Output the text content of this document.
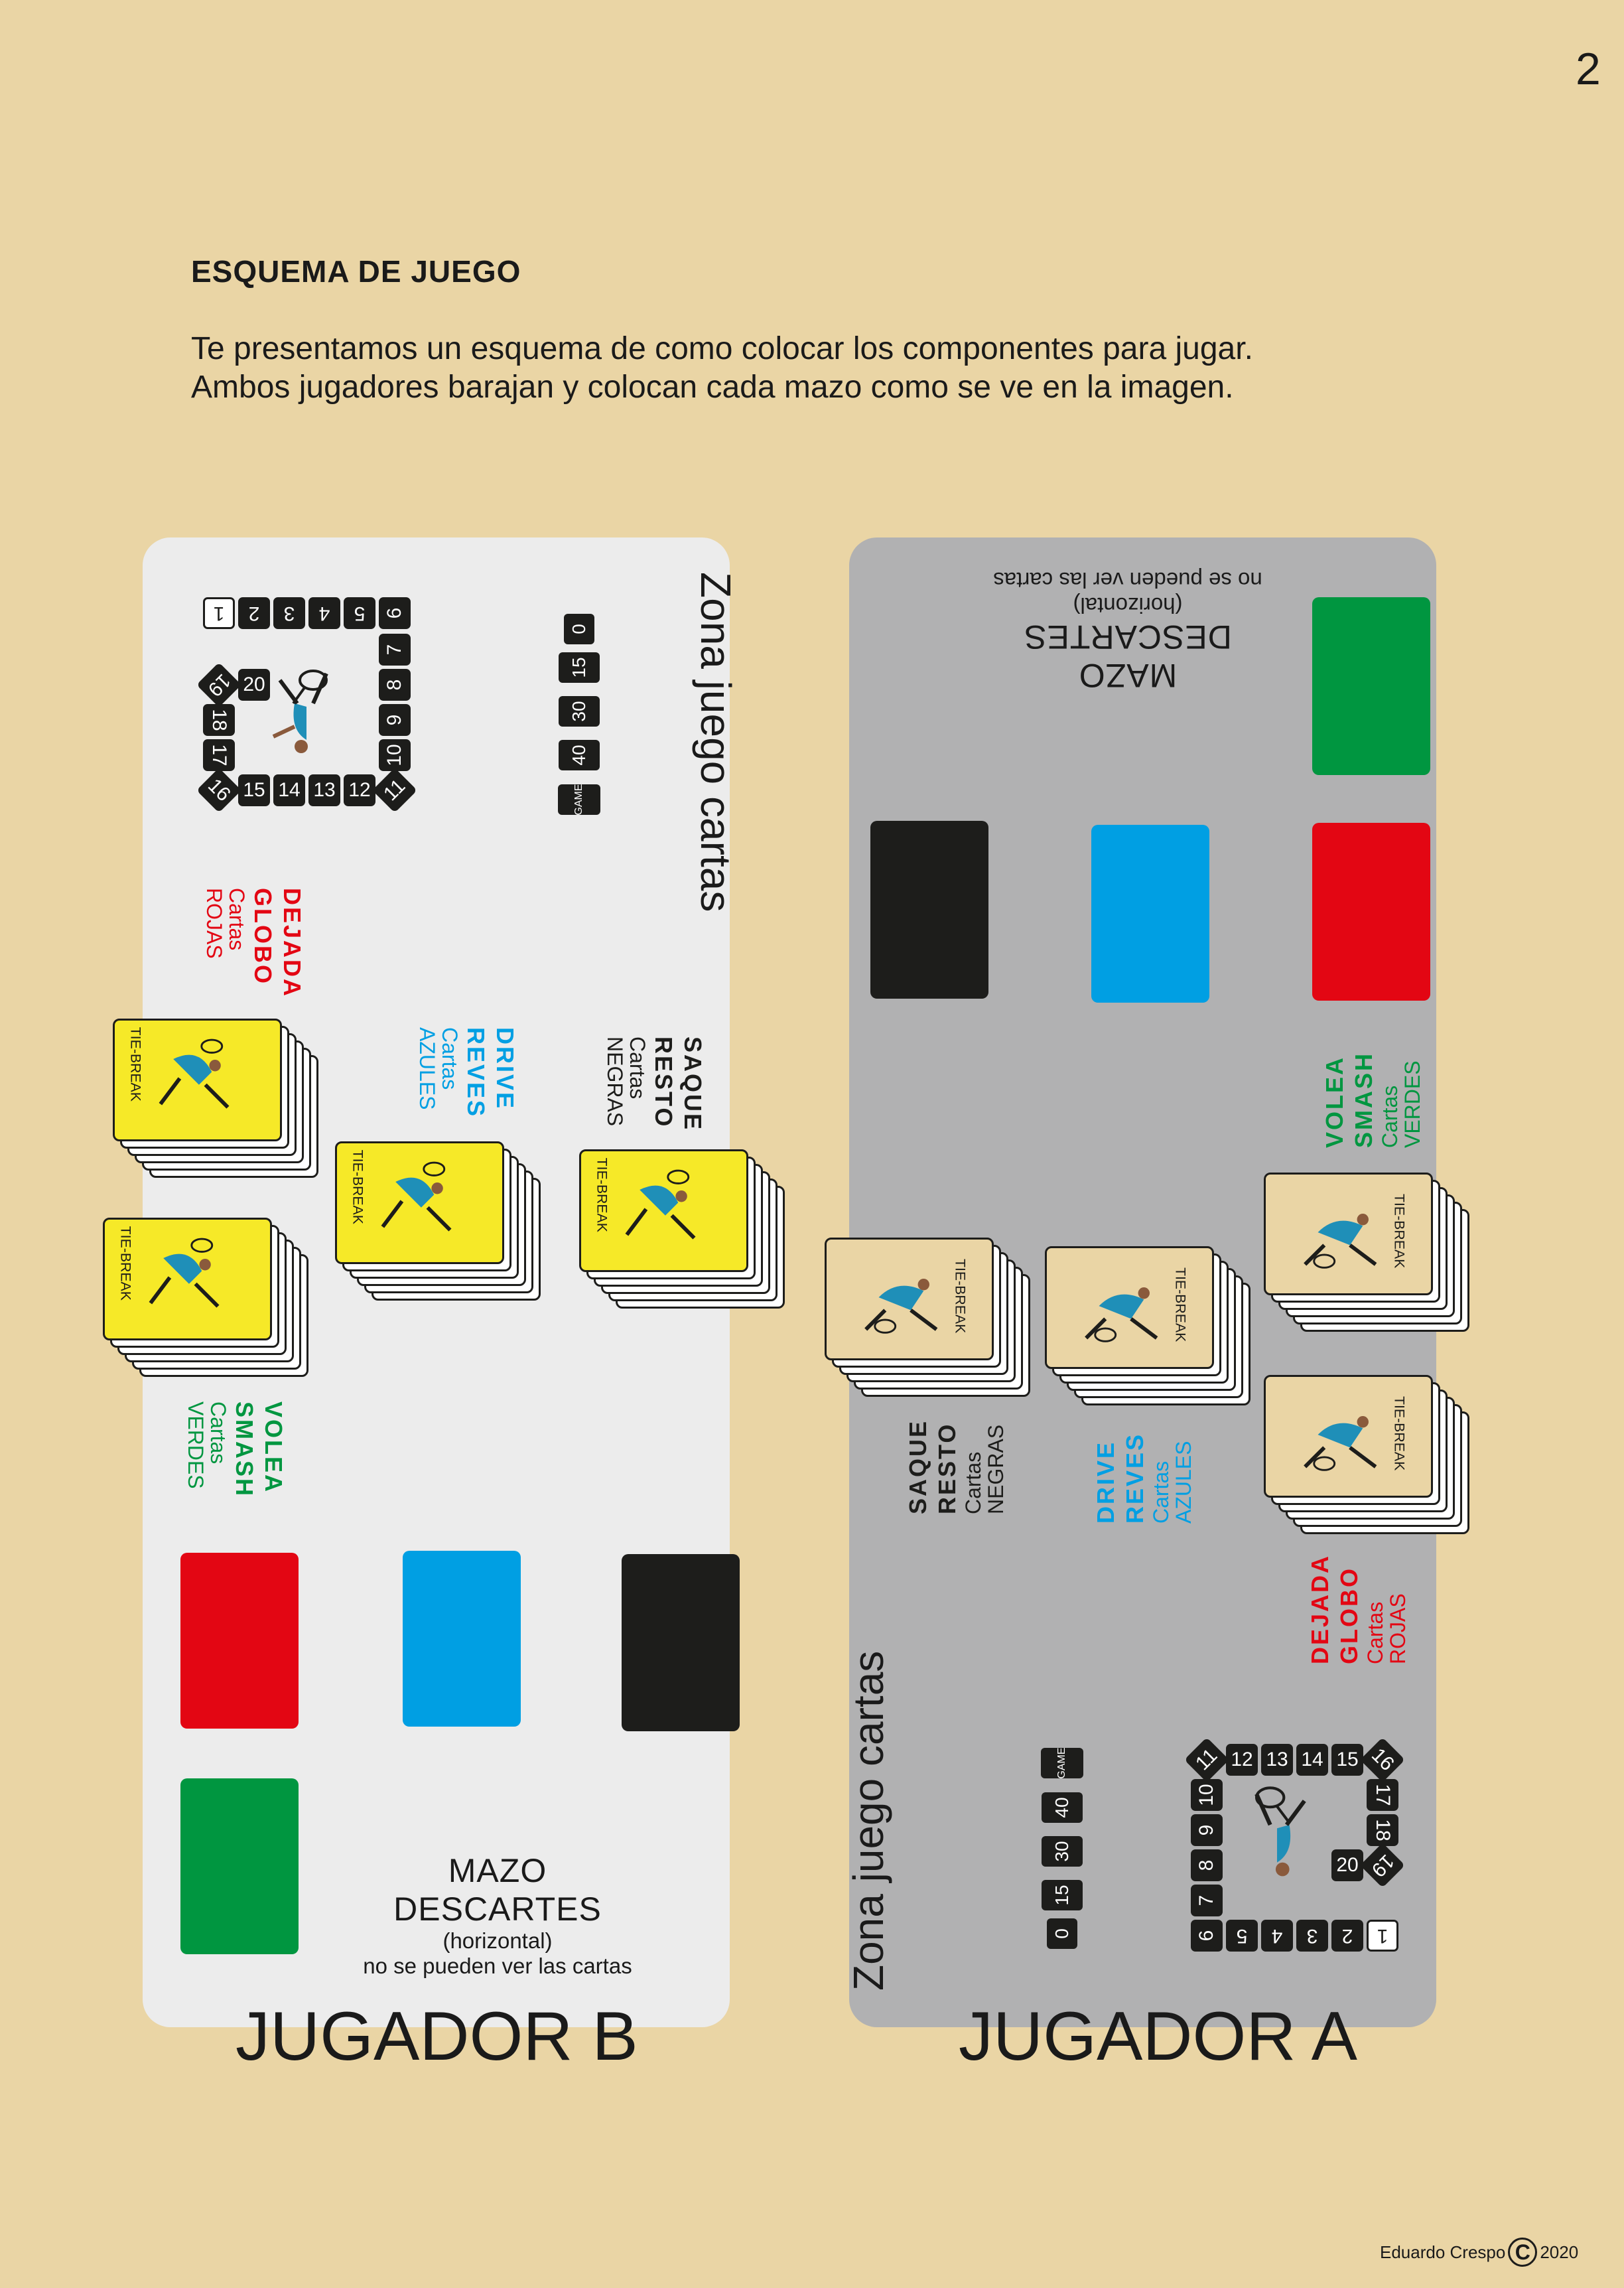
2
ESQUEMA DE JUEGO
Te presentamos un esquema de como colocar los componentes para jugar.
Ambos jugadores barajan y colocan cada mazo como se ve en la imagen.
Zona juego cartas
1	2	3	4	5 6
7
8
9
10
11
12
13
14
15
16
17
18
19 20
GAME
40
30
15
0
DEJADA
GLOBO
Cartas
ROJAS
DRIVE
REVES
Cartas
AZULES	SAQUE
RESTO
Cartas
NEGRAS
VOLEA
SMASH
Cartas
VERDES
TIE-BREAK
TIE-BREAK	TIE-BREAK
TIE-BREAK
MAZO
DESCARTES
(horizontal)
no se pueden ver las cartas
JUGADOR B
MAZO
DESCARTES
(horizontal)
no se pueden ver las cartas
VOLEA SMASH Cartas
VERDES
SAQUE RESTO Cartas
NEGRAS	DRIVE REVES Cartas
AZULES
DEJADA GLOBO Cartas
ROJAS
TIE-BREAK	TIE-BREAK
TIE-BREAK
TIE-BREAK
Zona juego cartas	GAME
40
30
15
0	1
2
3
4
5
6
7
8
9
10
11 12 13 14 15 16
17
18
19
20
JUGADOR A
Eduardo Crespo C 2020
